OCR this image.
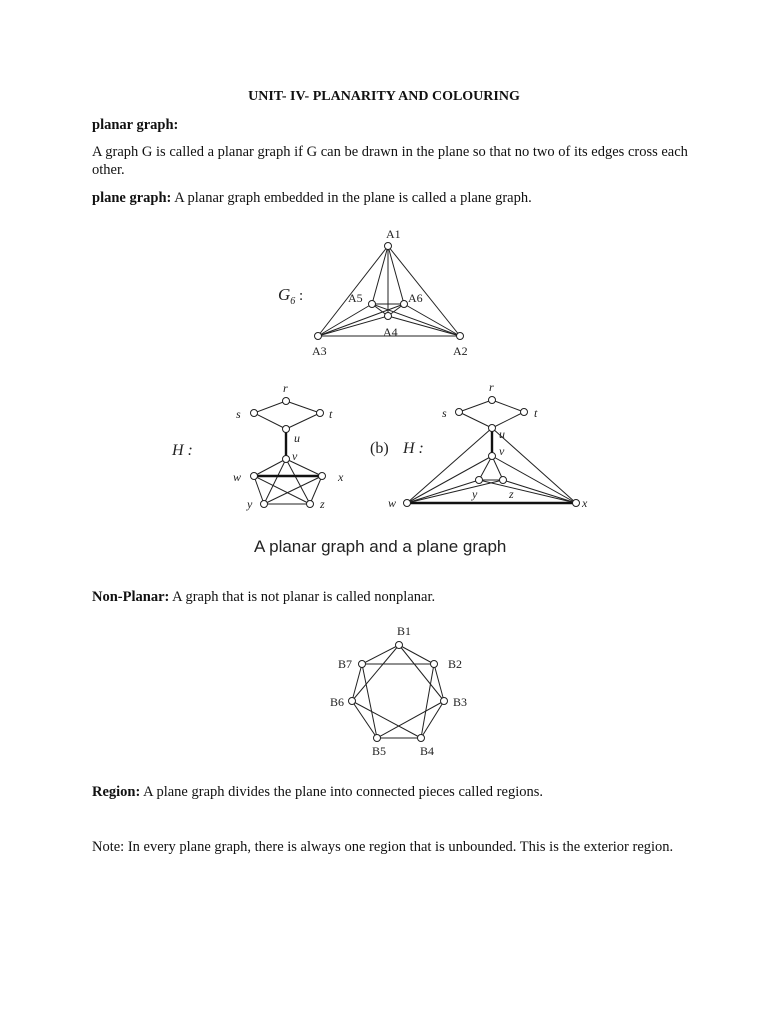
UNIT- IV- PLANARITY AND COLOURING
planar graph:
A graph G is called a planar graph if G can be drawn in the plane so that no two of its edges cross each other.
plane graph: A planar graph embedded in the plane is called a plane graph.
Non-Planar: A graph that is not planar is called nonplanar.
Region: A plane graph divides the plane into connected pieces called regions.
Note: In every plane graph, there is always one region that is unbounded. This is the exterior region.
$G_6$ :
A1
A2
A3
A4
A5	A6
H :
r
s	t
u
v
w	x
y	z
(b) H :
r
s	t
u
v
w	x
y	z
A planar graph and a plane graph
B1
B2
B3
B4
B5
B6
B7
